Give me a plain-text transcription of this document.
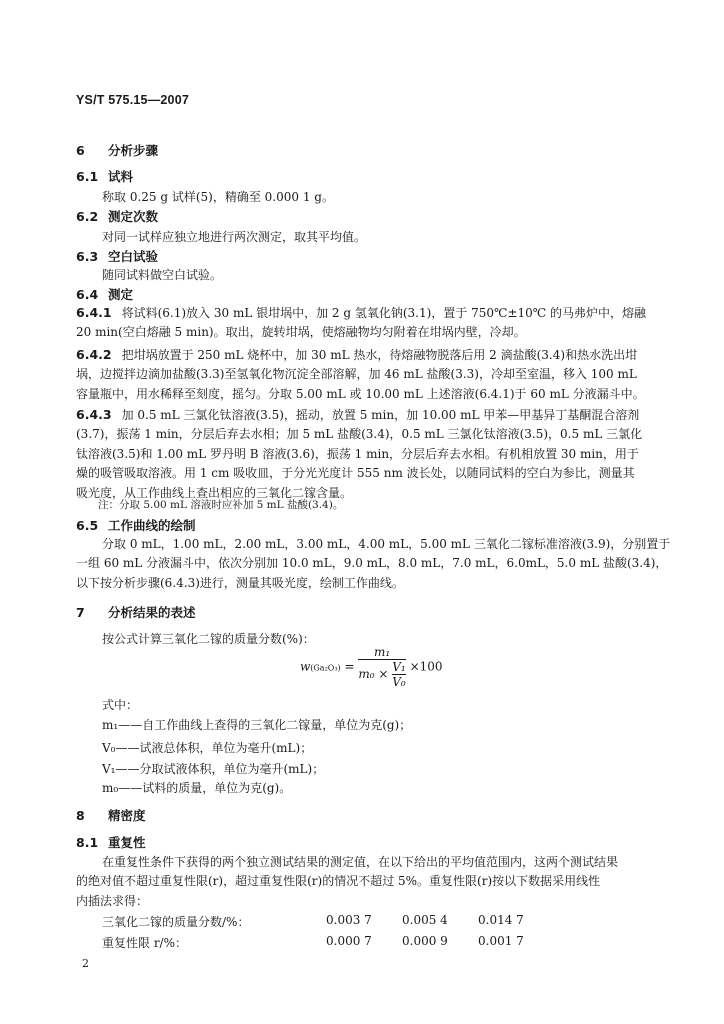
YS/T 575.15—2007
6 分析步骤
6.1 试料
称取 0.25 g 试样(5)，精确至 0.000 1 g。
6.2 测定次数
对同一试样应独立地进行两次测定，取其平均值。
6.3 空白试验
随同试料做空白试验。
6.4 测定
6.4.1 将试料(6.1)放入 30 mL 银坩埚中，加 2 g 氢氧化钠(3.1)，置于 750℃±10℃ 的马弗炉中，熔融
20 min(空白熔融 5 min)。取出，旋转坩埚，使熔融物均匀附着在坩埚内壁，冷却。
6.4.2 把坩埚放置于 250 mL 烧杯中，加 30 mL 热水，待熔融物脱落后用 2 滴盐酸(3.4)和热水洗出坩
埚，边搅拌边滴加盐酸(3.3)至氢氧化物沉淀全部溶解，加 46 mL 盐酸(3.3)，冷却至室温，移入 100 mL
容量瓶中，用水稀释至刻度，摇匀。分取 5.00 mL 或 10.00 mL 上述溶液(6.4.1)于 60 mL 分液漏斗中。
6.4.3 加 0.5 mL 三氯化钛溶液(3.5)，摇动，放置 5 min，加 10.00 mL 甲苯—甲基异丁基酮混合溶剂
(3.7)，振荡 1 min，分层后弃去水相；加 5 mL 盐酸(3.4)，0.5 mL 三氯化钛溶液(3.5)，0.5 mL 三氯化
钛溶液(3.5)和 1.00 mL 罗丹明 B 溶液(3.6)，振荡 1 min，分层后弃去水相。有机相放置 30 min，用于
燥的吸管吸取溶液。用 1 cm 吸收皿，于分光光度计 555 nm 波长处，以随同试料的空白为参比，测量其
吸光度，从工作曲线上查出相应的三氧化二镓含量。
注：分取 5.00 mL 溶液时应补加 5 mL 盐酸(3.4)。
6.5 工作曲线的绘制
分取 0 mL，1.00 mL，2.00 mL，3.00 mL，4.00 mL，5.00 mL 三氧化二镓标准溶液(3.9)，分别置于
一组 60 mL 分液漏斗中，依次分别加 10.0 mL，9.0 mL，8.0 mL，7.0 mL，6.0mL，5.0 mL 盐酸(3.4)，
以下按分析步骤(6.4.3)进行，测量其吸光度，绘制工作曲线。
7 分析结果的表述
按公式计算三氧化二镓的质量分数(%)：
$w(Ga_2O_3) = \frac{\text{m₁}}{m_0 \times \frac{\text{V₁}}{\text{V₀}}} \times 100$
式中：
m₁——自工作曲线上查得的三氧化二镓量，单位为克(g)；
V₀——试液总体积，单位为毫升(mL)；
V₁——分取试液体积，单位为毫升(mL)；
m₀——试料的质量，单位为克(g)。
8 精密度
8.1 重复性
在重复性条件下获得的两个独立测试结果的测定值，在以下给出的平均值范围内，这两个测试结果
的绝对值不超过重复性限(r)，超过重复性限(r)的情况不超过 5%。重复性限(r)按以下数据采用线性
内插法求得：
三氧化二镓的质量分数/%：	0.003 7	0.005 4	0.014 7
重复性限 r/%：	0.000 7	0.000 9	0.001 7
2
